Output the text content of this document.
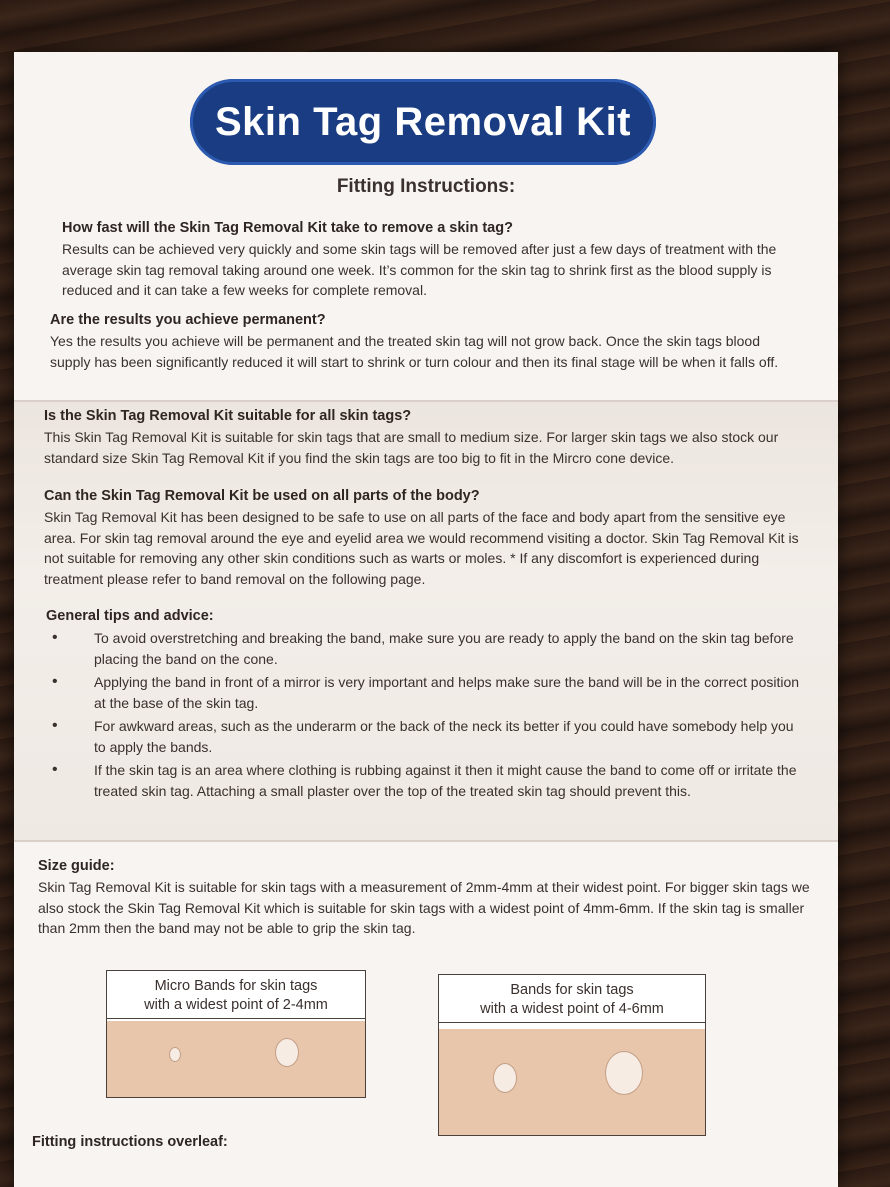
Skin Tag Removal Kit
Fitting Instructions:
How fast will the Skin Tag Removal Kit take to remove a skin tag?
Results can be achieved very quickly and some skin tags will be removed after just a few days of treatment with the average skin tag removal taking around one week. It’s common for the skin tag to shrink first as the blood supply is reduced and it can take a few weeks for complete removal.
Are the results you achieve permanent?
Yes the results you achieve will be permanent and the treated skin tag will not grow back. Once the skin tags blood supply has been significantly reduced it will start to shrink or turn colour and then its final stage will be when it falls off.
Is the Skin Tag Removal Kit suitable for all skin tags?
This Skin Tag Removal Kit is suitable for skin tags that are small to medium size. For larger skin tags we also stock our standard size Skin Tag Removal Kit if you find the skin tags are too big to fit in the Mircro cone device.
Can the Skin Tag Removal Kit be used on all parts of the body?
Skin Tag Removal Kit has been designed to be safe to use on all parts of the face and body apart from the sensitive eye area. For skin tag removal around the eye and eyelid area we would recommend visiting a doctor. Skin Tag Removal Kit is not suitable for removing any other skin conditions such as warts or moles. * If any discomfort is experienced during treatment please refer to band removal on the following page.
General tips and advice:
•	To avoid overstretching and breaking the band, make sure you are ready to apply the band on the skin tag before placing the band on the cone.
•	Applying the band in front of a mirror is very important and helps make sure the band will be in the correct position at the base of the skin tag.
•	For awkward areas, such as the underarm or the back of the neck its better if you could have somebody help you to apply the bands.
•	If the skin tag is an area where clothing is rubbing against it then it might cause the band to come off or irritate the treated skin tag. Attaching a small plaster over the top of the treated skin tag should prevent this.
Size guide:
Skin Tag Removal Kit is suitable for skin tags with a measurement of 2mm-4mm at their widest point. For bigger skin tags we also stock the Skin Tag Removal Kit which is suitable for skin tags with a widest point of 4mm-6mm. If the skin tag is smaller than 2mm then the band may not be able to grip the skin tag.
Micro Bands for skin tags
with a widest point of 2-4mm
Bands for skin tags
with a widest point of 4-6mm
Fitting instructions overleaf:
